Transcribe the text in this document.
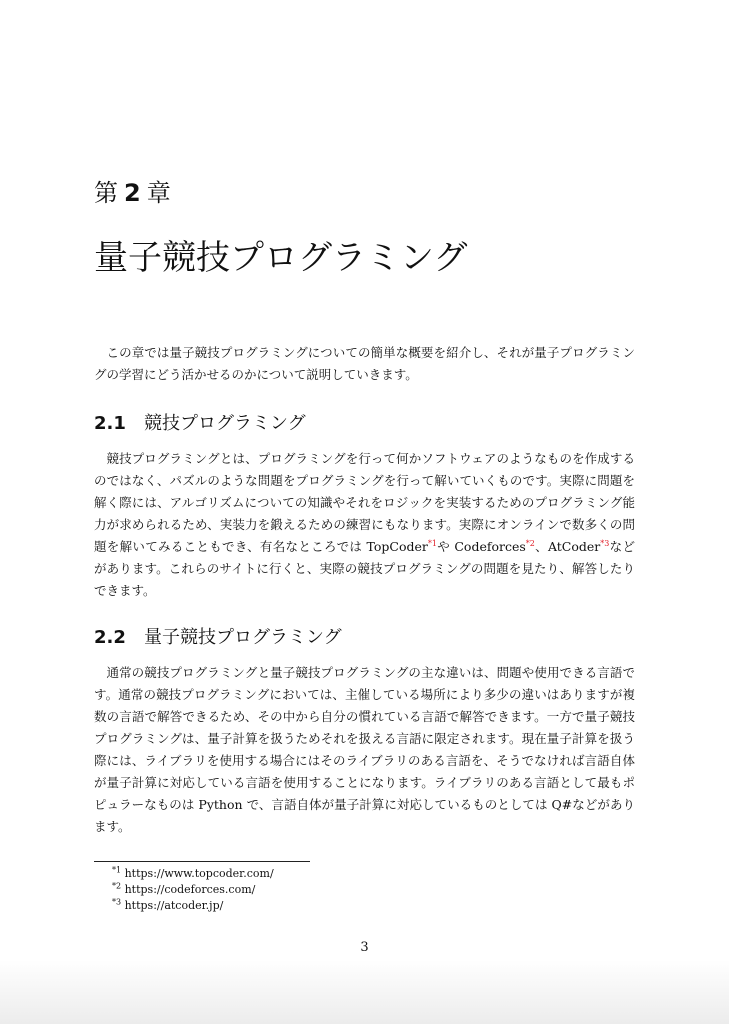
第 2 章
量子競技プログラミング

この章では量子競技プログラミングについての簡単な概要を紹介し、それが量子プログラミングの学習にどう活かせるのかについて説明していきます。

2.1 競技プログラミング

競技プログラミングとは、プログラミングを行って何かソフトウェアのようなものを作成するのではなく、パズルのような問題をプログラミングを行って解いていくものです。実際に問題を解く際には、アルゴリズムについての知識やそれをロジックを実装するためのプログラミング能力が求められるため、実装力を鍛えるための練習にもなります。実際にオンラインで数多くの問題を解いてみることもでき、有名なところでは TopCoder$^{*1}$や Codeforces$^{*2}$、AtCoder$^{*3}$などがあります。これらのサイトに行くと、実際の競技プログラミングの問題を見たり、解答したりできます。

2.2 量子競技プログラミング

通常の競技プログラミングと量子競技プログラミングの主な違いは、問題や使用できる言語です。通常の競技プログラミングにおいては、主催している場所により多少の違いはありますが複数の言語で解答できるため、その中から自分の慣れている言語で解答できます。一方で量子競技プログラミングは、量子計算を扱うためそれを扱える言語に限定されます。現在量子計算を扱う際には、ライブラリを使用する場合にはそのライブラリのある言語を、そうでなければ言語自体が量子計算に対応している言語を使用することになります。ライブラリのある言語として最もポピュラーなものは Python で、言語自体が量子計算に対応しているものとしては Q#などがあります。

$^{*1}$ https://www.topcoder.com/
$^{*2}$ https://codeforces.com/
$^{*3}$ https://atcoder.jp/
3
